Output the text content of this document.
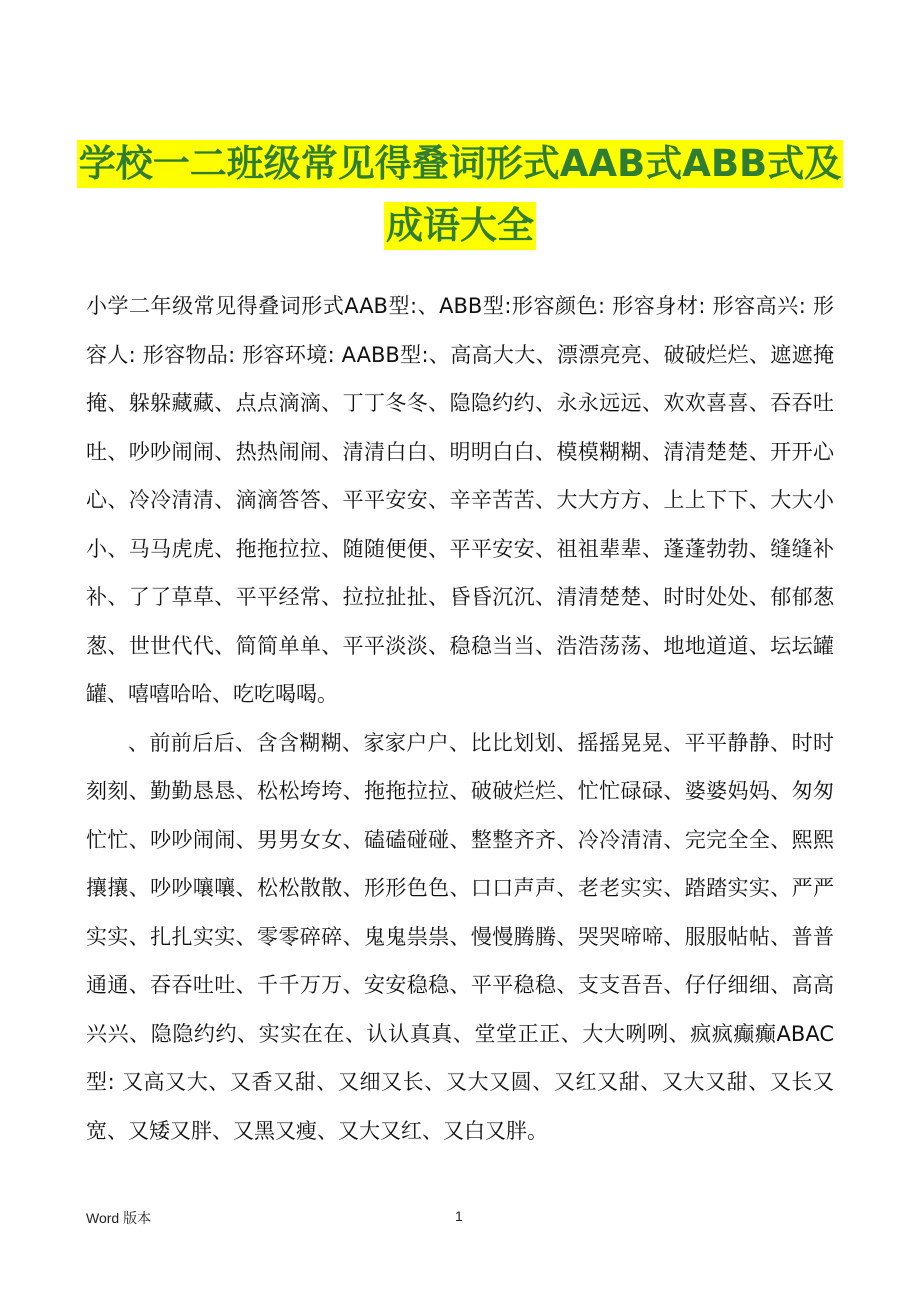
学校一二班级常见得叠词形式AAB式ABB式及
成语大全

小学二年级常见得叠词形式AAB型:、ABB型:形容颜色: 形容身材: 形容高兴: 形容人: 形容物品: 形容环境: AABB型:、高高大大、漂漂亮亮、破破烂烂、遮遮掩掩、躲躲藏藏、点点滴滴、丁丁冬冬、隐隐约约、永永远远、欢欢喜喜、吞吞吐吐、吵吵闹闹、热热闹闹、清清白白、明明白白、模模糊糊、清清楚楚、开开心心、冷冷清清、滴滴答答、平平安安、辛辛苦苦、大大方方、上上下下、大大小小、马马虎虎、拖拖拉拉、随随便便、平平安安、祖祖辈辈、蓬蓬勃勃、缝缝补补、了了草草、平平经常、拉拉扯扯、昏昏沉沉、清清楚楚、时时处处、郁郁葱葱、世世代代、简简单单、平平淡淡、稳稳当当、浩浩荡荡、地地道道、坛坛罐罐、嘻嘻哈哈、吃吃喝喝。

、前前后后、含含糊糊、家家户户、比比划划、摇摇晃晃、平平静静、时时刻刻、勤勤恳恳、松松垮垮、拖拖拉拉、破破烂烂、忙忙碌碌、婆婆妈妈、匆匆忙忙、吵吵闹闹、男男女女、磕磕碰碰、整整齐齐、冷冷清清、完完全全、熙熙攘攘、吵吵嚷嚷、松松散散、形形色色、口口声声、老老实实、踏踏实实、严严实实、扎扎实实、零零碎碎、鬼鬼祟祟、慢慢腾腾、哭哭啼啼、服服帖帖、普普通通、吞吞吐吐、千千万万、安安稳稳、平平稳稳、支支吾吾、仔仔细细、高高兴兴、隐隐约约、实实在在、认认真真、堂堂正正、大大咧咧、疯疯癫癫ABAC型: 又高又大、又香又甜、又细又长、又大又圆、又红又甜、又大又甜、又长又宽、又矮又胖、又黑又瘦、又大又红、又白又胖。

Word 版本	1
